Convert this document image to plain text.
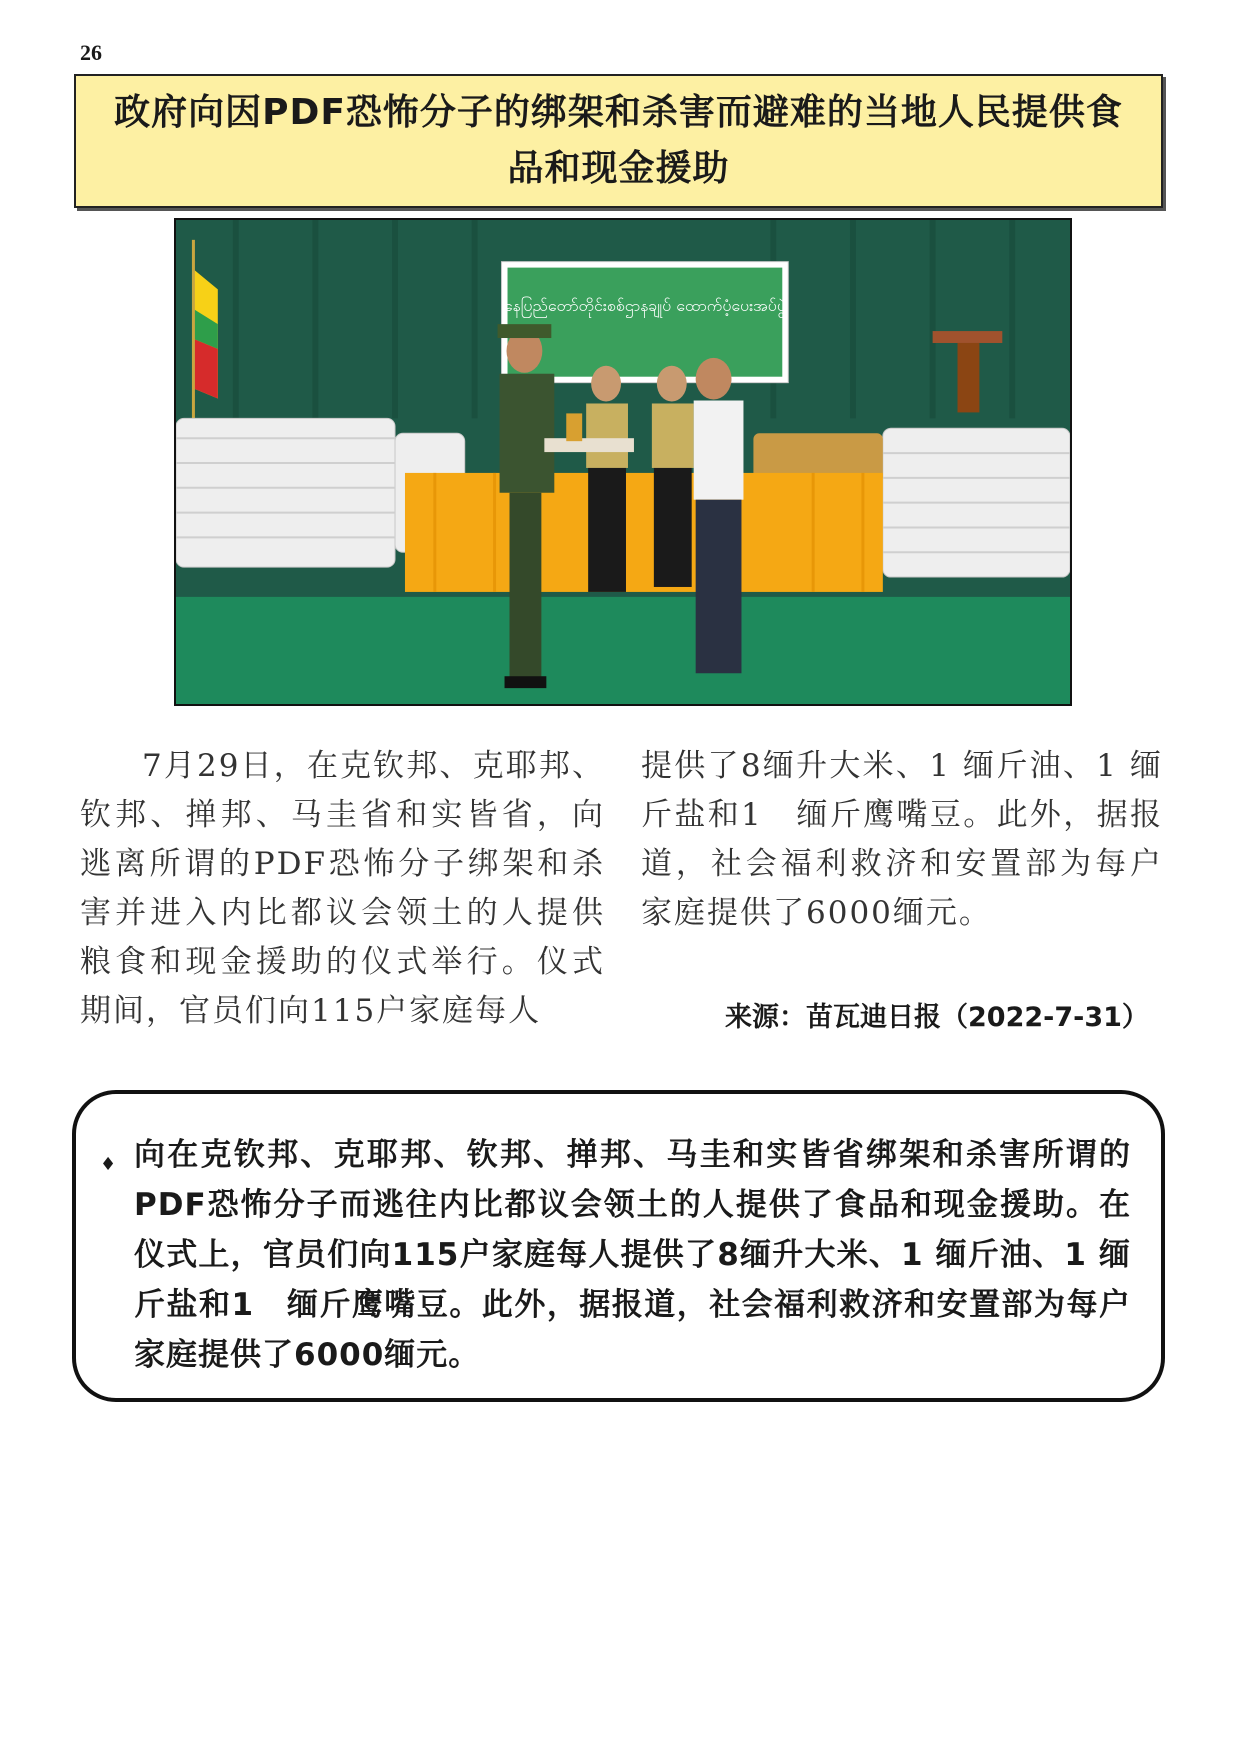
26
政府向因PDF恐怖分子的绑架和杀害而避难的当地人民提供食品和现金援助
နေပြည်တော်တိုင်းစစ်ဌာနချုပ် ထောက်ပံ့ပေးအပ်ပွဲ
7月29日，在克钦邦、克耶邦、钦邦、掸邦、马圭省和实皆省，向逃离所谓的PDF恐怖分子绑架和杀害并进入内比都议会领土的人提供粮食和现金援助的仪式举行。仪式期间，官员们向115户家庭每人
提供了8缅升大米、1 缅斤油、1 缅斤盐和1　缅斤鹰嘴豆。此外，据报道，社会福利救济和安置部为每户家庭提供了6000缅元。
来源：苗瓦迪日报（2022-7-31）
♦ 向在克钦邦、克耶邦、钦邦、掸邦、马圭和实皆省绑架和杀害所谓的PDF恐怖分子而逃往内比都议会领土的人提供了食品和现金援助。在仪式上，官员们向115户家庭每人提供了8缅升大米、1 缅斤油、1 缅斤盐和1　缅斤鹰嘴豆。此外，据报道，社会福利救济和安置部为每户家庭提供了6000缅元。
